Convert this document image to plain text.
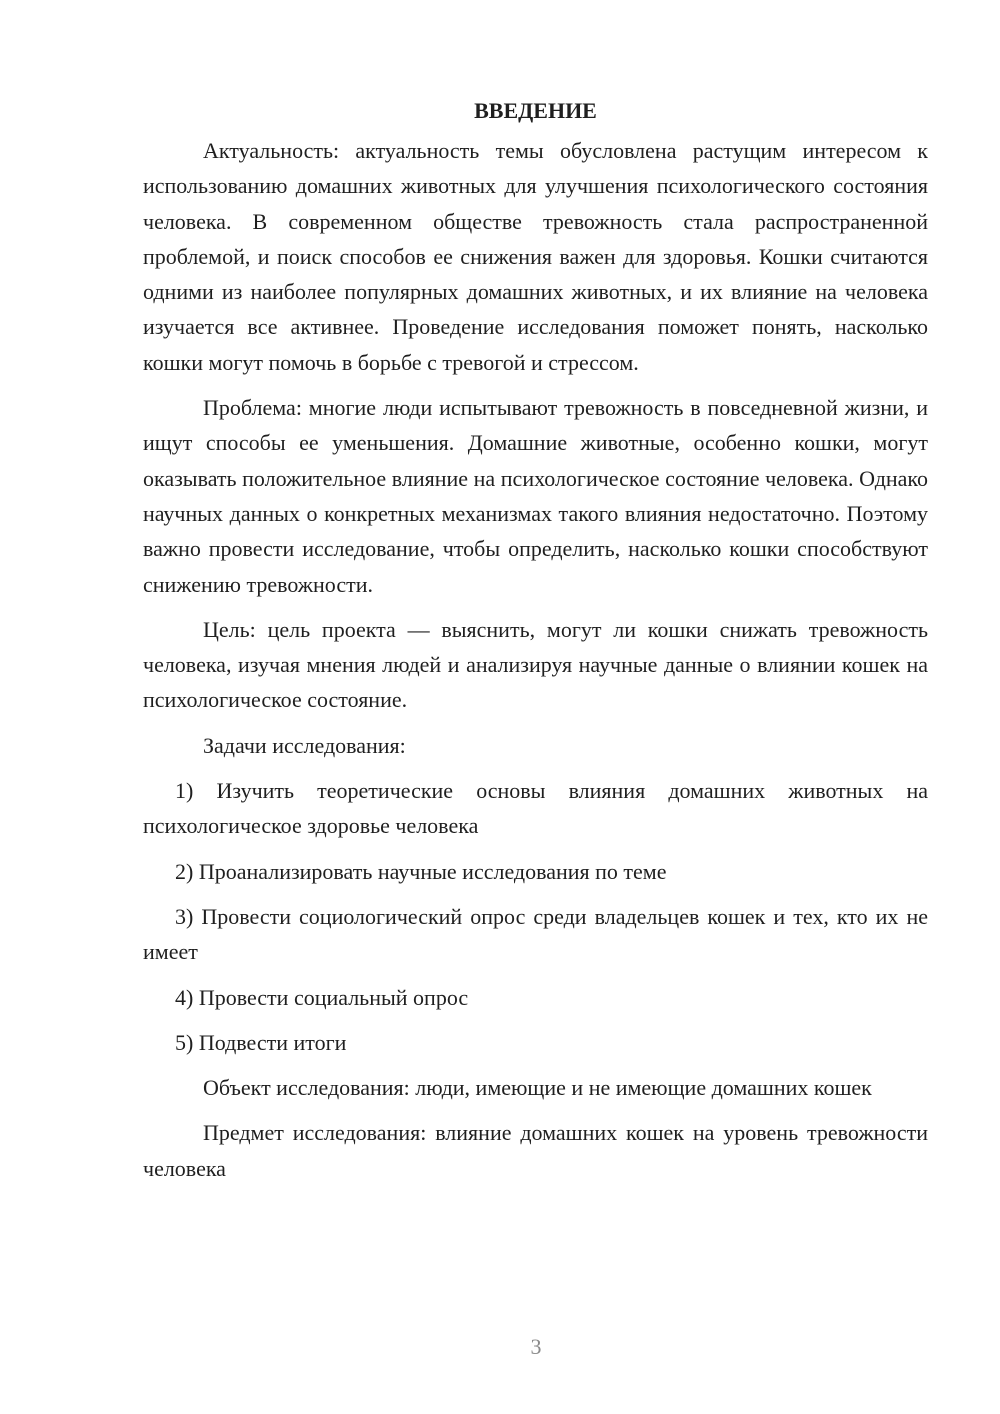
ВВЕДЕНИЕ

Актуальность: актуальность темы обусловлена растущим интересом к использованию домашних животных для улучшения психологического состояния человека. В современном обществе тревожность стала распространенной проблемой, и поиск способов ее снижения важен для здоровья. Кошки считаются одними из наиболее популярных домашних животных, и их влияние на человека изучается все активнее. Проведение исследования поможет понять, насколько кошки могут помочь в борьбе с тревогой и стрессом.

Проблема: многие люди испытывают тревожность в повседневной жизни, и ищут способы ее уменьшения. Домашние животные, особенно кошки, могут оказывать положительное влияние на психологическое состояние человека. Однако научных данных о конкретных механизмах такого влияния недостаточно. Поэтому важно провести исследование, чтобы определить, насколько кошки способствуют снижению тревожности.

Цель: цель проекта — выяснить, могут ли кошки снижать тревожность человека, изучая мнения людей и анализируя научные данные о влиянии кошек на психологическое состояние.

Задачи исследования:

1) Изучить теоретические основы влияния домашних животных на психологическое здоровье человека

2) Проанализировать научные исследования по теме

3) Провести социологический опрос среди владельцев кошек и тех, кто их не имеет

4) Провести социальный опрос

5) Подвести итоги

Объект исследования: люди, имеющие и не имеющие домашних кошек

Предмет исследования: влияние домашних кошек на уровень тревожности человека

3
